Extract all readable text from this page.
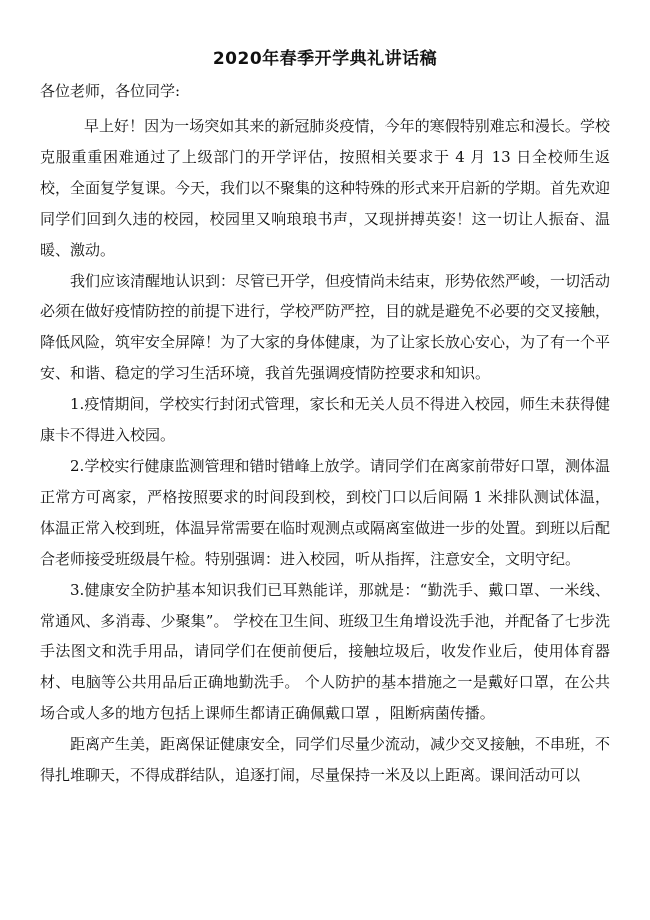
2020年春季开学典礼讲话稿
各位老师，各位同学:

早上好！因为一场突如其来的新冠肺炎疫情，今年的寒假特别难忘和漫长。学校克服重重困难通过了上级部门的开学评估，按照相关要求于 4 月 13 日全校师生返校，全面复学复课。今天，我们以不聚集的这种特殊的形式来开启新的学期。首先欢迎同学们回到久违的校园，校园里又响琅琅书声，又现拼搏英姿！这一切让人振奋、温暖、激动。

我们应该清醒地认识到：尽管已开学，但疫情尚未结束，形势依然严峻，一切活动必须在做好疫情防控的前提下进行，学校严防严控，目的就是避免不必要的交叉接触，降低风险，筑牢安全屏障！为了大家的身体健康，为了让家长放心安心，为了有一个平安、和谐、稳定的学习生活环境，我首先强调疫情防控要求和知识。

1.疫情期间，学校实行封闭式管理，家长和无关人员不得进入校园，师生未获得健康卡不得进入校园。

2.学校实行健康监测管理和错时错峰上放学。请同学们在离家前带好口罩，测体温正常方可离家，严格按照要求的时间段到校，到校门口以后间隔 1 米排队测试体温，体温正常入校到班，体温异常需要在临时观测点或隔离室做进一步的处置。到班以后配合老师接受班级晨午检。特别强调：进入校园，听从指挥，注意安全，文明守纪。

3.健康安全防护基本知识我们已耳熟能详，那就是：“勤洗手、戴口罩、一米线、常通风、多消毒、少聚集”。 学校在卫生间、班级卫生角增设洗手池，并配备了七步洗手法图文和洗手用品，请同学们在便前便后，接触垃圾后，收发作业后，使用体育器材、电脑等公共用品后正确地勤洗手。 个人防护的基本措施之一是戴好口罩，在公共场合或人多的地方包括上课师生都请正确佩戴口罩 ，阻断病菌传播。

距离产生美，距离保证健康安全，同学们尽量少流动，减少交叉接触，不串班，不得扎堆聊天，不得成群结队，追逐打闹，尽量保持一米及以上距离。课间活动可以
